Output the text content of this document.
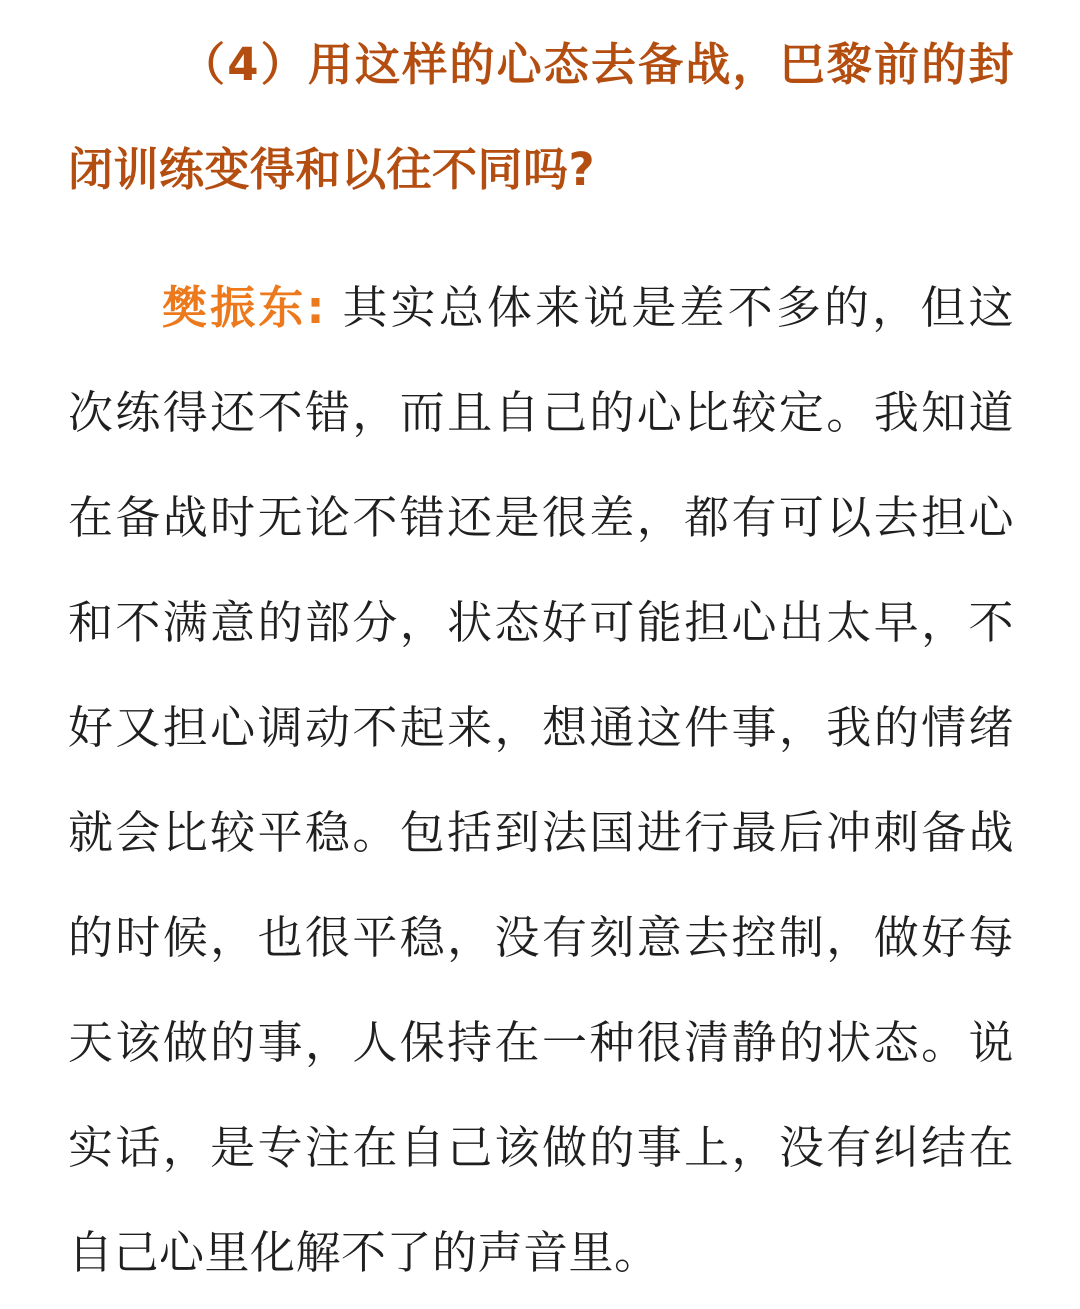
（4）用这样的心态去备战，巴黎前的封闭训练变得和以往不同吗?

樊振东: 其实总体来说是差不多的，但这次练得还不错，而且自己的心比较定。我知道在备战时无论不错还是很差，都有可以去担心和不满意的部分，状态好可能担心出太早，不好又担心调动不起来，想通这件事，我的情绪就会比较平稳。包括到法国进行最后冲刺备战的时候，也很平稳，没有刻意去控制，做好每天该做的事，人保持在一种很清静的状态。说实话，是专注在自己该做的事上，没有纠结在自己心里化解不了的声音里。
